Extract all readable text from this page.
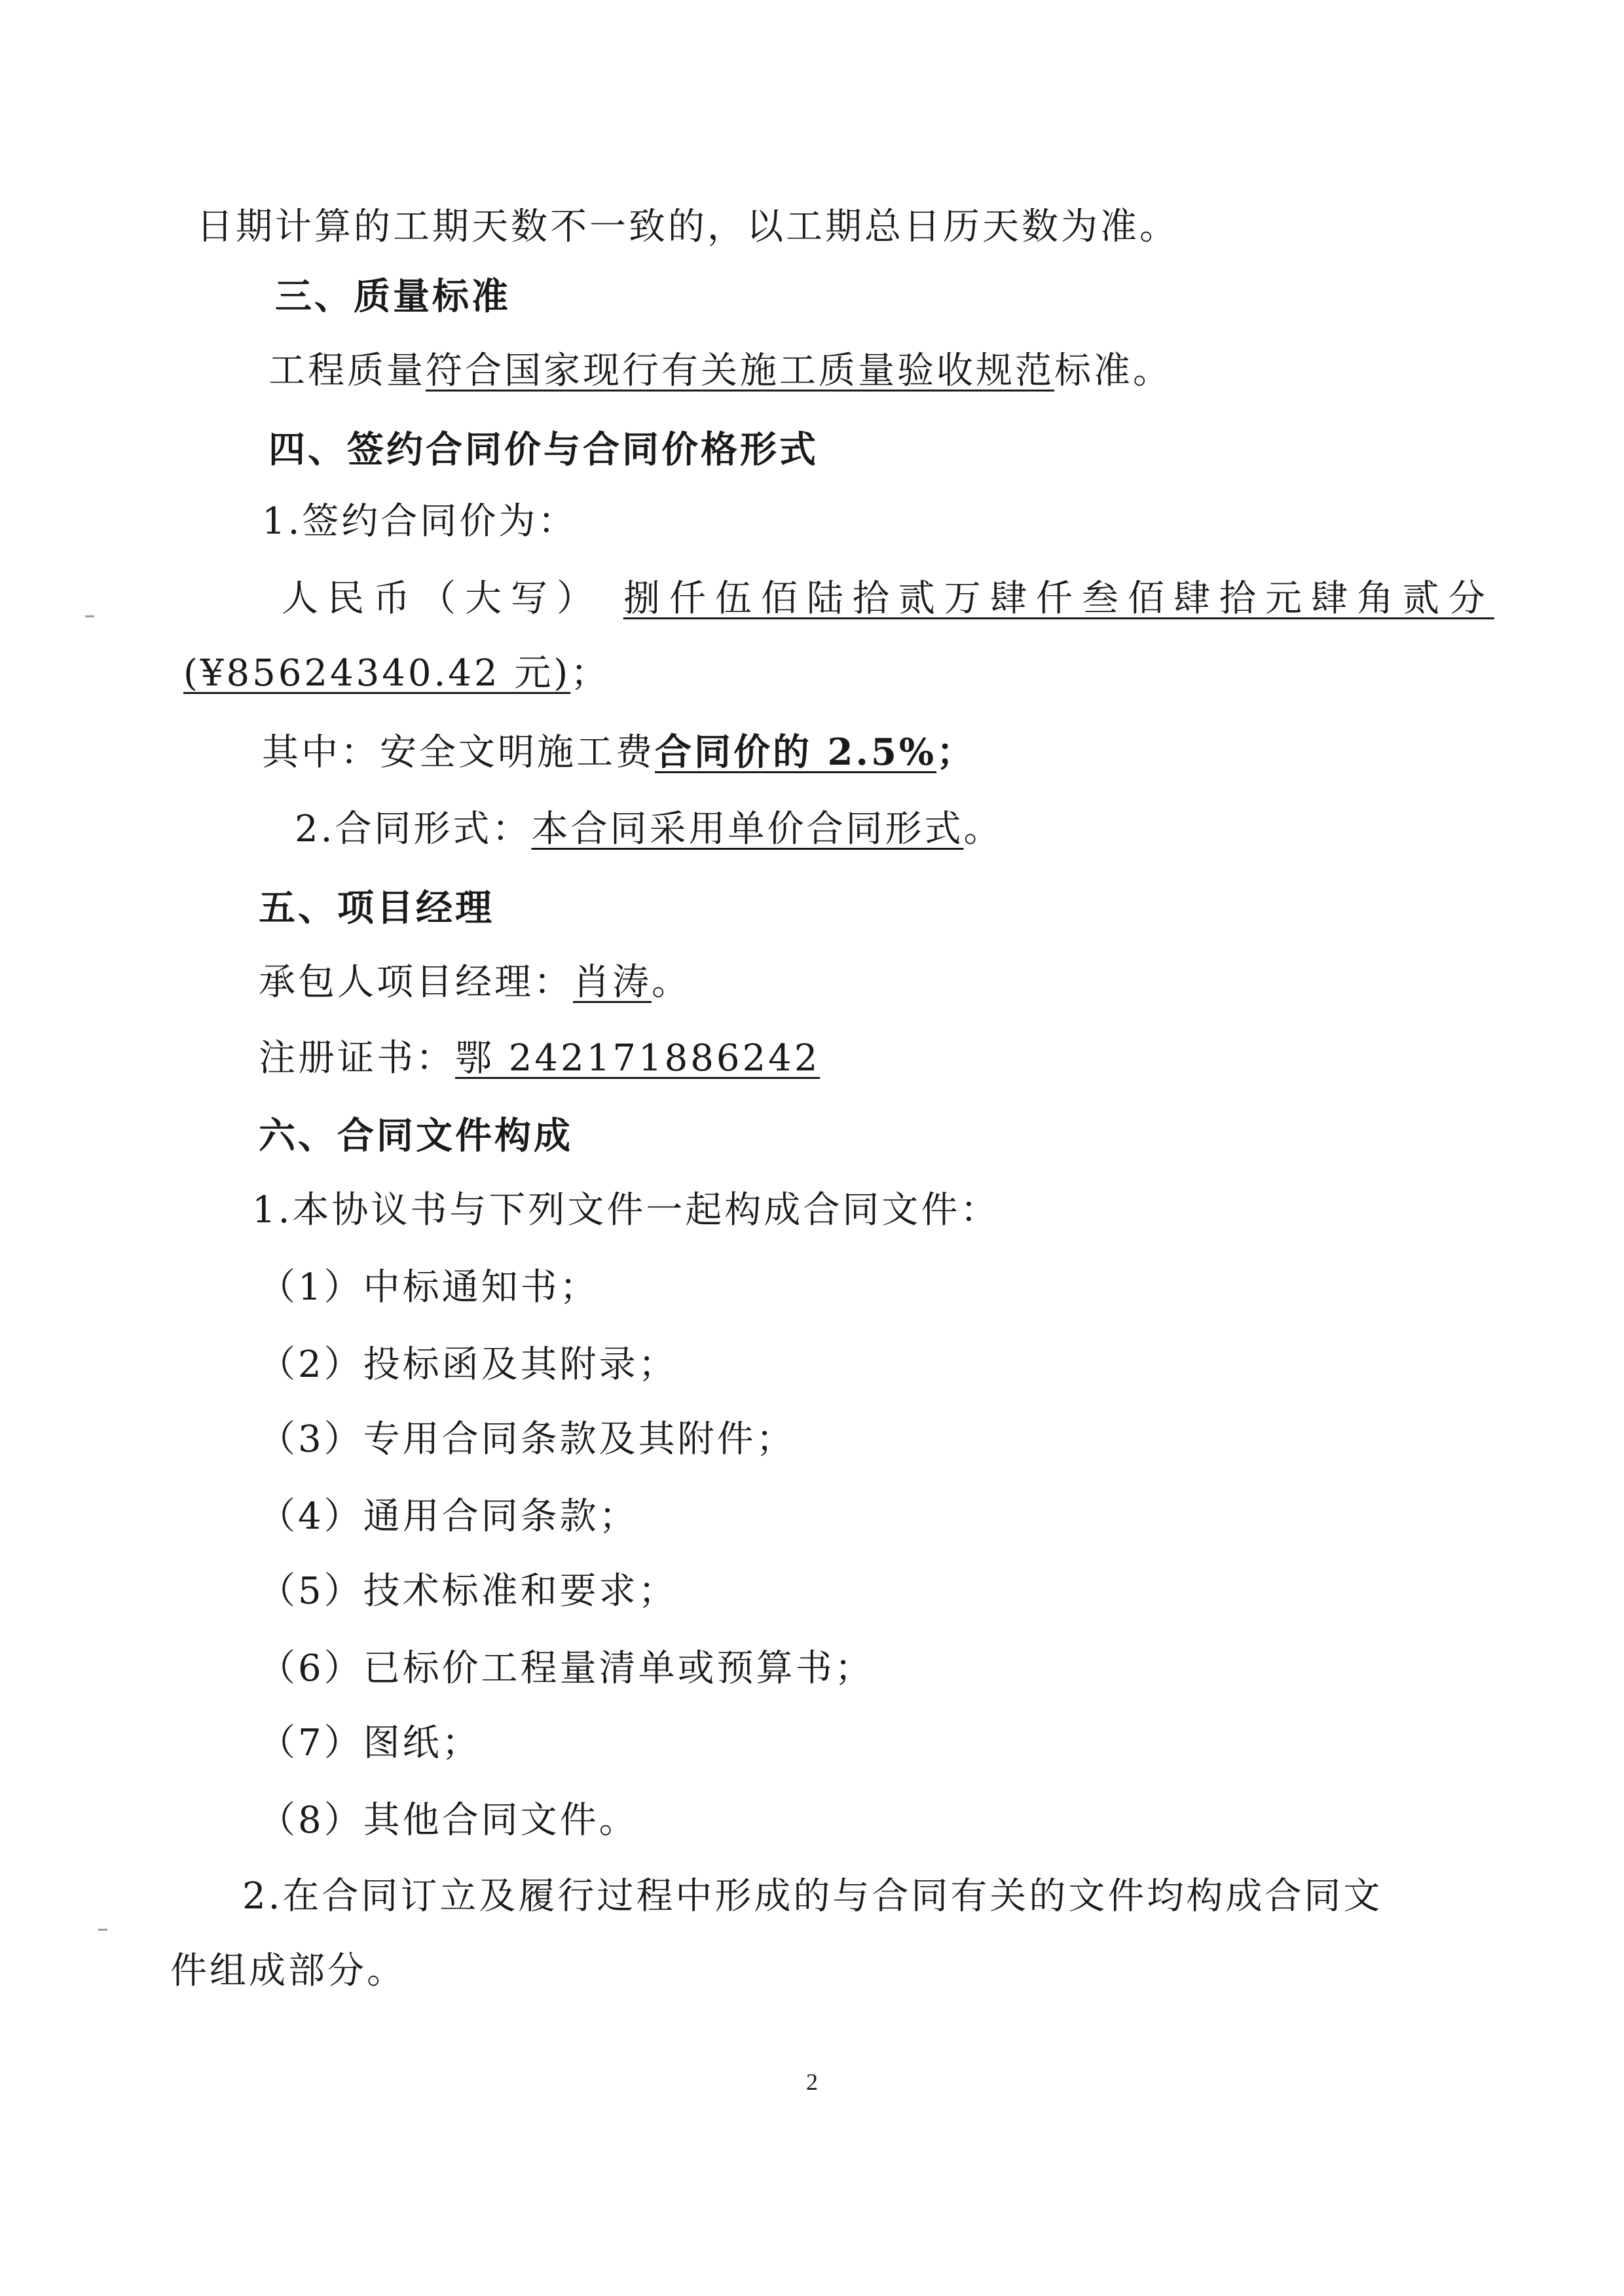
日期计算的工期天数不一致的，以工期总日历天数为准。
三、质量标准
工程质量符合国家现行有关施工质量验收规范标准。
四、签约合同价与合同价格形式
1.签约合同价为：
人民币（大写） 捌仟伍佰陆拾贰万肆仟叁佰肆拾元肆角贰分
(¥85624340.42 元)；
其中：安全文明施工费合同价的 2.5%；
2.合同形式：本合同采用单价合同形式。
五、项目经理
承包人项目经理：肖涛。
注册证书：鄂 242171886242
六、合同文件构成
1.本协议书与下列文件一起构成合同文件：
（1）中标通知书；
（2）投标函及其附录；
（3）专用合同条款及其附件；
（4）通用合同条款；
（5）技术标准和要求；
（6）已标价工程量清单或预算书；
（7）图纸；
（8）其他合同文件。
2.在合同订立及履行过程中形成的与合同有关的文件均构成合同文
件组成部分。
2
